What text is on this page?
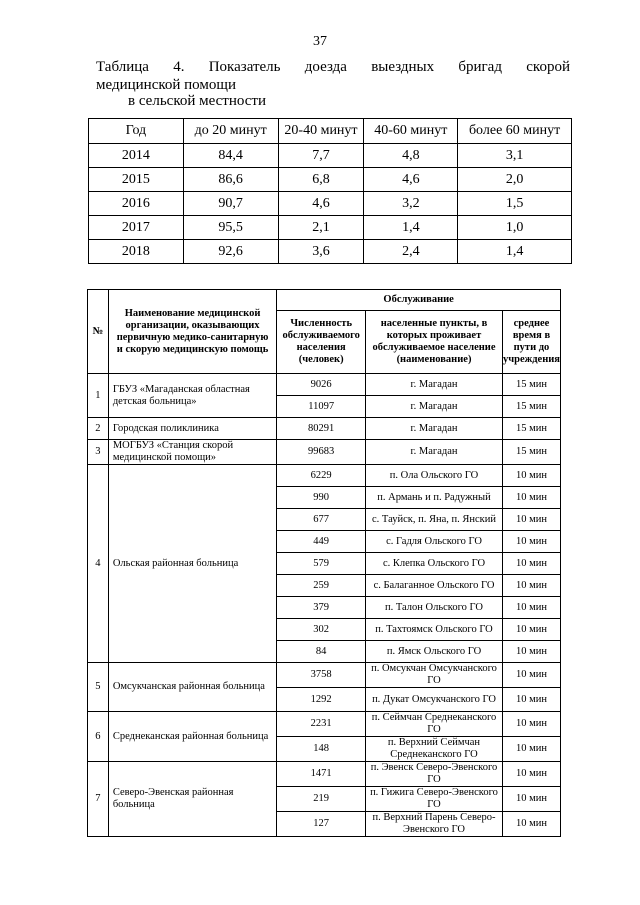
37
Таблица 4. Показатель доезда выездных бригад скорой
медицинской помощи
в сельской местности
Год	до 20 минут	20-40 минут	40-60 минут	более 60 минут
2014	84,4	7,7	4,8	3,1
2015	86,6	6,8	4,6	2,0
2016	90,7	4,6	3,2	1,5
2017	95,5	2,1	1,4	1,0
2018	92,6	3,6	2,4	1,4
№	Наименование медицинской организации, оказывающих первичную медико-санитарную и скорую медицинскую помощь	Обслуживание		
		Численность обслуживаемого населения (человек)	населенные пункты, в которых проживает обслуживаемое население (наименование)	среднее время в пути до учреждения
1	ГБУЗ «Магаданская областная детская больница»	9026	г. Магадан	15 мин
		11097	г. Магадан	15 мин
2	Городская поликлиника	80291	г. Магадан	15 мин
3	МОГБУЗ «Станция скорой медицинской помощи»	99683	г. Магадан	15 мин
4	Ольская районная больница	6229	п. Ола Ольского ГО	10 мин
		990	п. Армань и п. Радужный	10 мин
		677	с. Тауйск, п. Яна, п. Янский	10 мин
		449	с. Гадля Ольского ГО	10 мин
		579	с. Клепка Ольского ГО	10 мин
		259	с. Балаганное Ольского ГО	10 мин
		379	п. Талон Ольского ГО	10 мин
		302	п. Тахтоямск Ольского ГО	10 мин
		84	п. Ямск Ольского ГО	10 мин
5	Омсукчанская районная больница	3758	п. Омсукчан Омсукчанского ГО	10 мин
		1292	п. Дукат Омсукчанского ГО	10 мин
6	Среднеканская районная больница	2231	п. Сеймчан Среднеканского ГО	10 мин
		148	п. Верхний Сеймчан Среднеканского ГО	10 мин
7	Северо-Эвенская районная больница	1471	п. Эвенск Северо-Эвенского ГО	10 мин
		219	п. Гижига Северо-Эвенского ГО	10 мин
		127	п. Верхний Парень Северо-Эвенского ГО	10 мин
